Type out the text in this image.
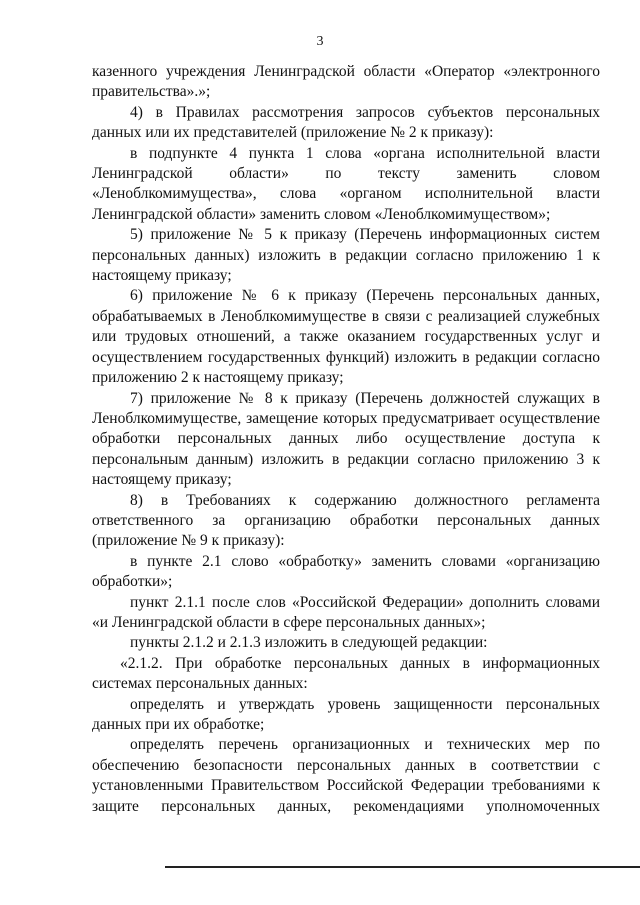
3

казенного учреждения Ленинградской области «Оператор «электронного правительства».»;

4) в Правилах рассмотрения запросов субъектов персональных данных или их представителей (приложение № 2 к приказу):

в подпункте 4 пункта 1 слова «органа исполнительной власти Ленинградской области» по тексту заменить словом «Леноблкомимущества», слова «органом исполнительной власти Ленинградской области» заменить словом «Леноблкомимуществом»;

5) приложение № 5 к приказу (Перечень информационных систем персональных данных) изложить в редакции согласно приложению 1 к настоящему приказу;

6) приложение № 6 к приказу (Перечень персональных данных, обрабатываемых в Леноблкомимуществе в связи с реализацией служебных или трудовых отношений, а также оказанием государственных услуг и осуществлением государственных функций) изложить в редакции согласно приложению 2 к настоящему приказу;

7) приложение № 8 к приказу (Перечень должностей служащих в Леноблкомимуществе, замещение которых предусматривает осуществление обработки персональных данных либо осуществление доступа к персональным данным) изложить в редакции согласно приложению 3 к настоящему приказу;

8) в Требованиях к содержанию должностного регламента ответственного за организацию обработки персональных данных (приложение № 9 к приказу):

в пункте 2.1 слово «обработку» заменить словами «организацию обработки»;

пункт 2.1.1 после слов «Российской Федерации» дополнить словами «и Ленинградской области в сфере персональных данных»;

пункты 2.1.2 и 2.1.3 изложить в следующей редакции:

«2.1.2. При обработке персональных данных в информационных системах персональных данных:

определять и утверждать уровень защищенности персональных данных при их обработке;

определять перечень организационных и технических мер по обеспечению безопасности персональных данных в соответствии с установленными Правительством Российской Федерации требованиями к защите персональных данных, рекомендациями уполномоченных
